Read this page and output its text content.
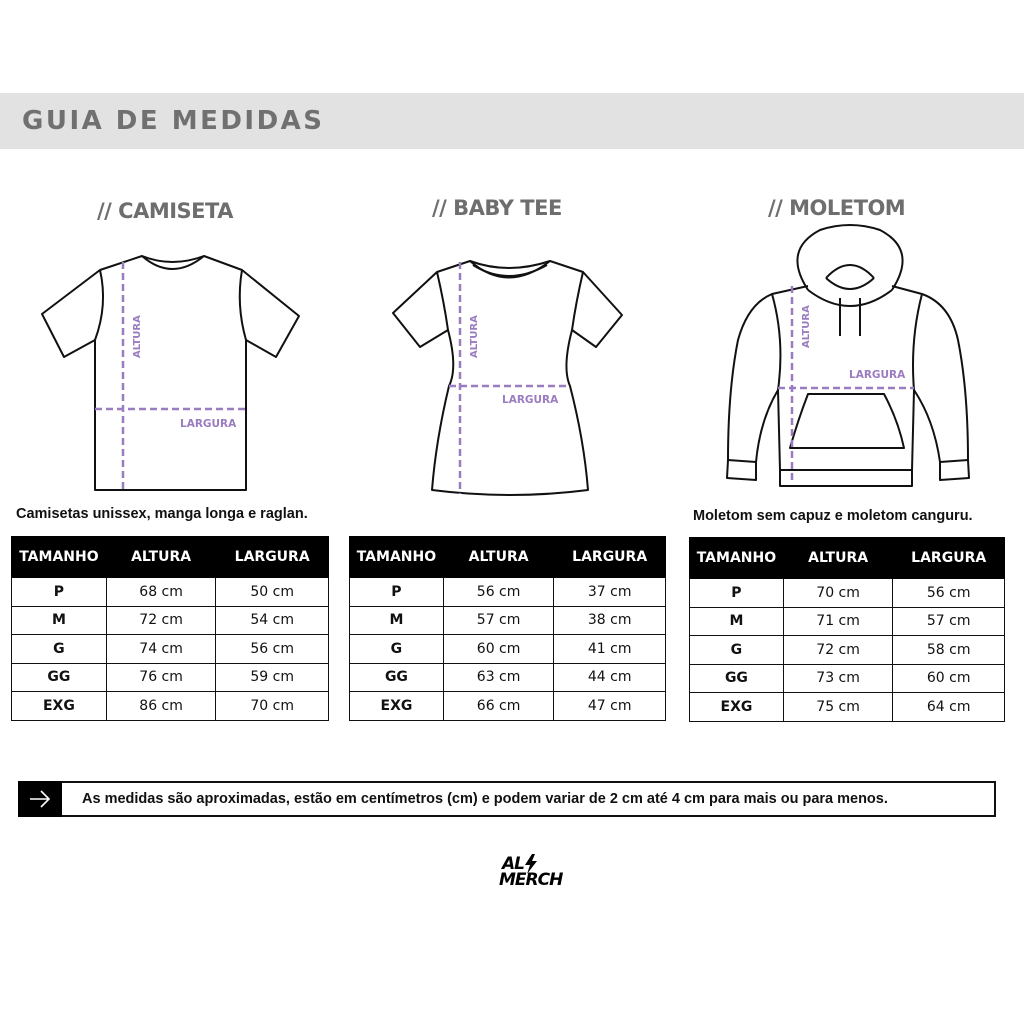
GUIA DE MEDIDAS
// CAMISETA	// BABY TEE	// MOLETOM
ALTURA
LARGURA
ALTURA
LARGURA
ALTURA
LARGURA
Camisetas unissex, manga longa e raglan.	Moletom sem capuz e moletom canguru.
TAMANHO	ALTURA	LARGURA
P	68 cm	50 cm
M	72 cm	54 cm
G	74 cm	56 cm
GG	76 cm	59 cm
EXG	86 cm	70 cm
TAMANHO	ALTURA	LARGURA
P	56 cm	37 cm
M	57 cm	38 cm
G	60 cm	41 cm
GG	63 cm	44 cm
EXG	66 cm	47 cm
TAMANHO	ALTURA	LARGURA
P	70 cm	56 cm
M	71 cm	57 cm
G	72 cm	58 cm
GG	73 cm	60 cm
EXG	75 cm	64 cm
As medidas são aproximadas, estão em centímetros (cm) e podem variar de 2 cm até 4 cm para mais ou para menos.
AL
MERCH
